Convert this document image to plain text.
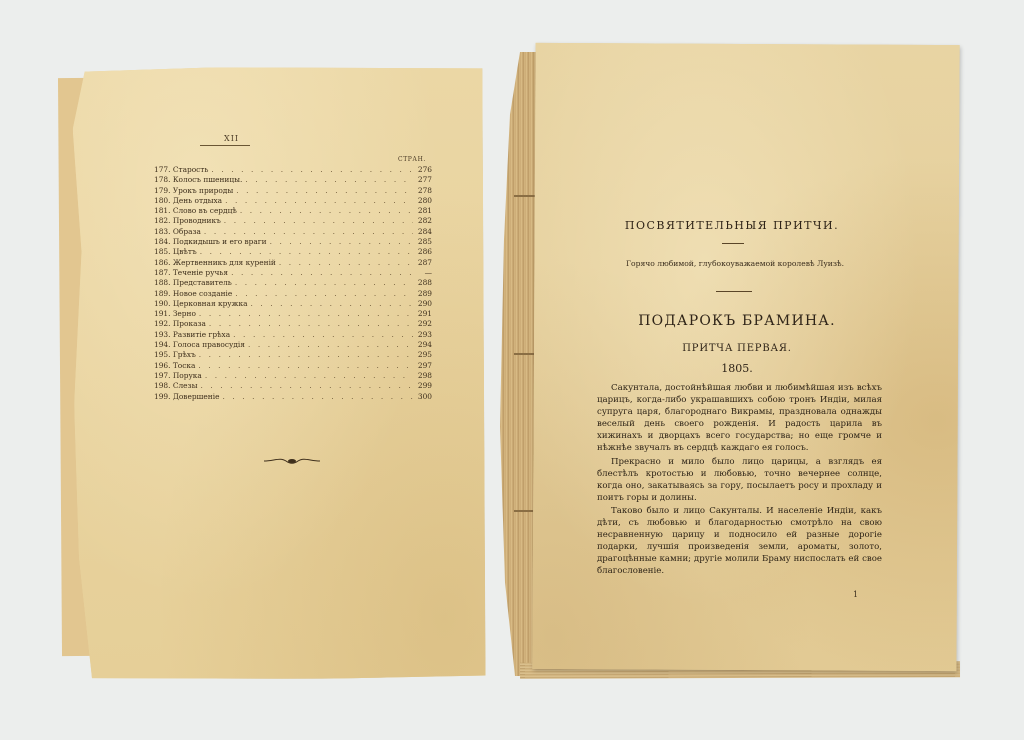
XII
СТРАН.
177. Старость . . .	276
178. Колосъ пшеницы. . . .	277
179. Урокъ природы . . .	278
180. День отдыха . . .	280
181. Слово въ сердцѣ . . .	281
182. Проводникъ . . .	282
183. Образа . . .	284
184. Подкидышъ и его враги . . .	285
185. Цвѣтъ . . .	286
186. Жертвенникъ для куреній . . .	287
187. Теченіе ручья . . .	—
188. Представитель . . .	288
189. Новое созданіе . . .	289
190. Церковная кружка . . .	290
191. Зерно . . .	291
192. Проказа . . .	292
193. Развитіе грѣха . . .	293
194. Голоса правосудія . . .	294
195. Грѣхъ . . .	295
196. Тоска . . .	297
197. Порука . . .	298
198. Слезы . . .	299
199. Довершеніе . . .	300
ПОСВЯТИТЕЛЬНЫЯ ПРИТЧИ.
Горячо любимой, глубокоуважаемой королевѣ Луизѣ.
ПОДАРОКЪ БРАМИНА.
ПРИТЧА ПЕРВАЯ.
1805.

Сакунтала, достойнѣйшая любви и любимѣйшая изъ всѣхъ царицъ, когда-либо украшавшихъ собою тронъ Индіи, милая супруга царя, благороднаго Викрамы, праздновала однажды веселый день своего рожденія. И радость царила въ хижинахъ и дворцахъ всего государства; но еще громче и нѣжнѣе звучалъ въ сердцѣ каждаго ея голосъ.

Прекрасно и мило было лицо царицы, а взглядъ ея блестѣлъ кротостью и любовью, точно вечернее солнце, когда оно, закатываясь за гору, посылаетъ росу и прохладу и поитъ горы и долины.

Таково было и лицо Сакунталы. И населеніе Индіи, какъ дѣти, съ любовью и благодарностью смотрѣло на свою несравненную царицу и подносило ей разные дорогіе подарки, лучшія произведенія земли, ароматы, золото, драгоцѣнные камни; другіе молили Браму ниспослать ей свое благословеніе.

1
